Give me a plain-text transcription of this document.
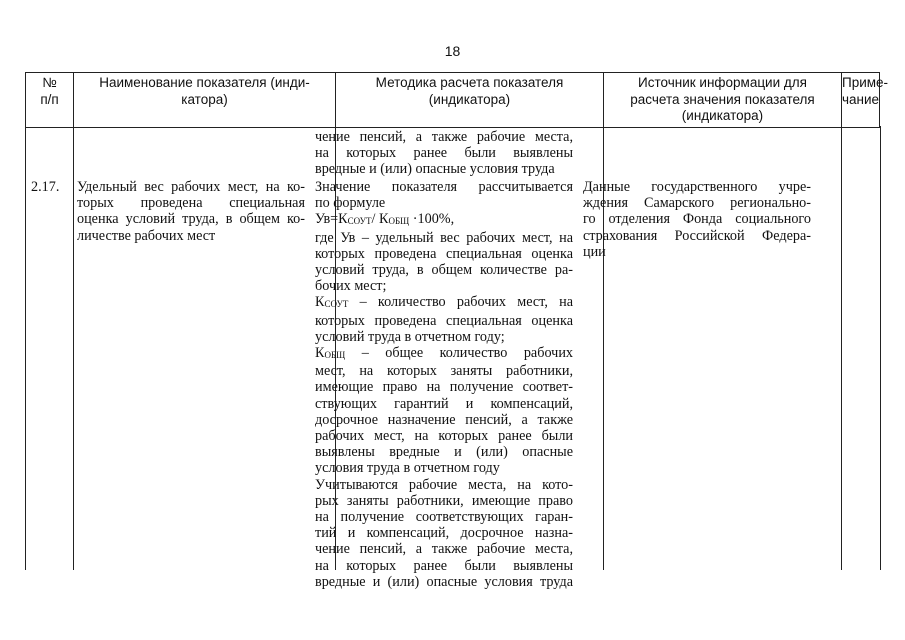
18
№
п/п
Наименование показателя (инди-
катора)
Методика расчета показателя
(индикатора)
Источник информации для
расчета значения показателя
(индикатора)
Приме-
чание
чение пенсий, а также рабочие места,
на которых ранее были выявлены
вредные и (или) опасные условия труда
2.17.	Удельный вес рабочих мест, на ко-
торых проведена специальная
оценка условий труда, в общем ко-
личестве рабочих мест
Значение показателя рассчитывается
по формуле
Ув=КСОУТ/ КОБЩ ·100%,
где Ув – удельный вес рабочих мест, на
которых проведена специальная оценка
условий труда, в общем количестве ра-
бочих мест;
КСОУТ – количество рабочих мест, на
которых проведена специальная оценка
условий труда в отчетном году;
КОБЩ – общее количество рабочих
мест, на которых заняты работники,
имеющие право на получение соответ-
ствующих гарантий и компенсаций,
досрочное назначение пенсий, а также
рабочих мест, на которых ранее были
выявлены вредные и (или) опасные
условия труда в отчетном году
Учитываются рабочие места, на кото-
рых заняты работники, имеющие право
на получение соответствующих гаран-
тий и компенсаций, досрочное назна-
чение пенсий, а также рабочие места,
на которых ранее были выявлены
вредные и (или) опасные условия труда
Данные государственного учре-
ждения Самарского регионально-
го отделения Фонда социального
страхования Российской Федера-
ции
